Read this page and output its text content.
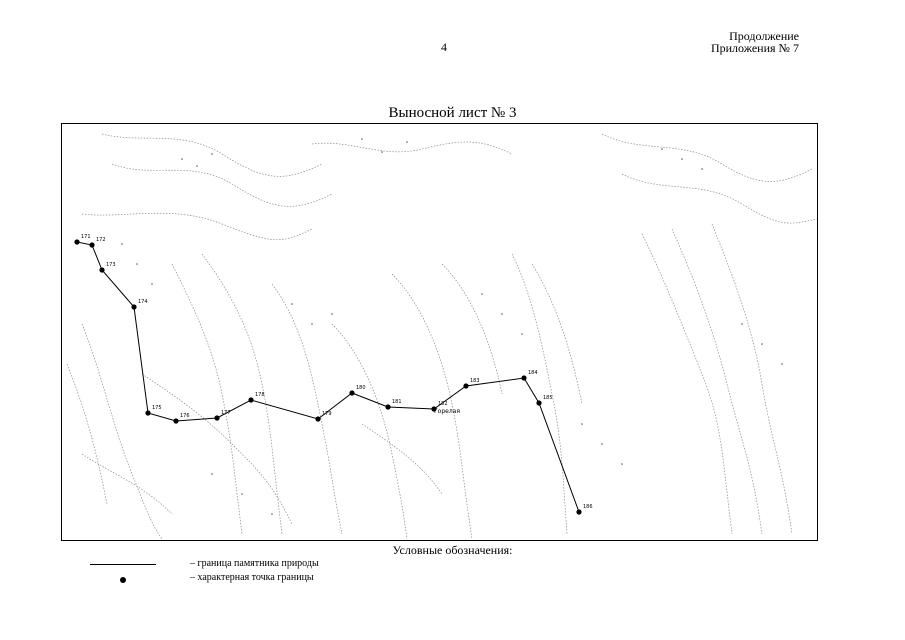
4
Продолжение
Приложения № 7
Выносной лист № 3
171 172
173
174
175
176	177
178
179
180
181	182
183
184
185
186
Горелая
Условные обозначения:
– граница памятника природы
– характерная точка границы
